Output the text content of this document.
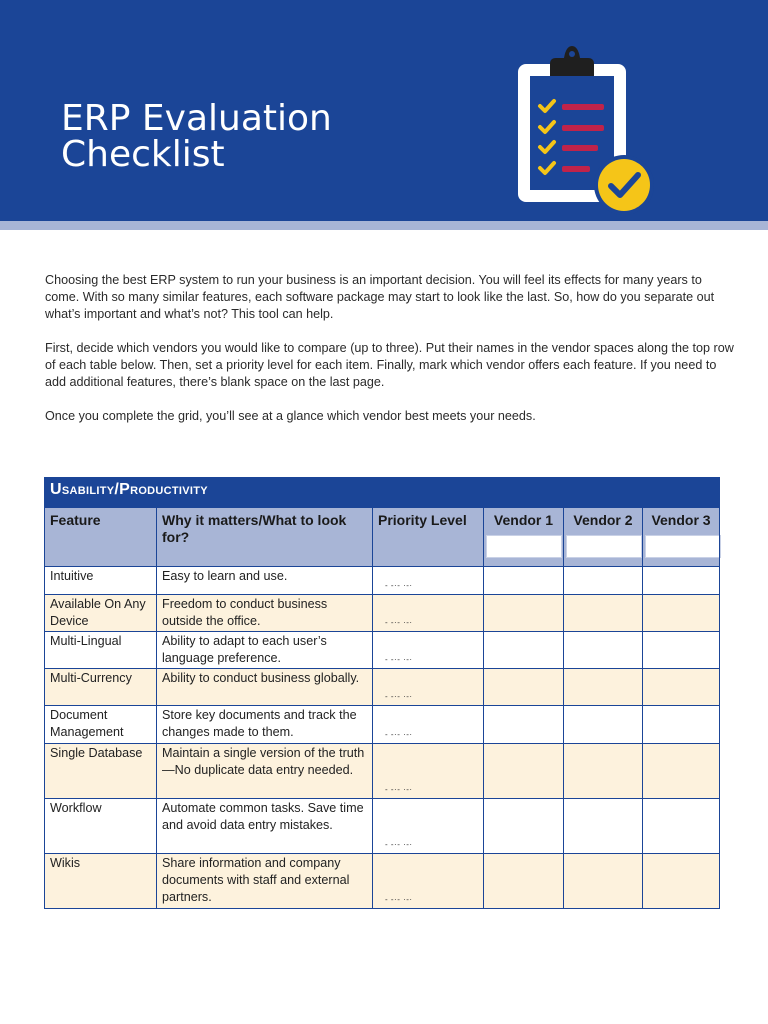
ERP Evaluation
Checklist

Choosing the best ERP system to run your business is an important decision. You will feel its effects for many years to come. With so many similar features, each software package may start to look like the last. So, how do you separate out what’s important and what’s not? This tool can help.

First, decide which vendors you would like to compare (up to three). Put their names in the vendor spaces along the top row of each table below. Then, set a priority level for each item. Finally, mark which vendor offers each feature. If you need to add additional features, there’s blank space on the last page.

Once you complete the grid, you’ll see at a glance which vendor best meets your needs.

Usability/Productivity					
Feature	Why it matters/What to look for?	Priority Level	Vendor 1	Vendor 2	Vendor 3

Intuitive	Easy to learn and use.	- -·- ·-·			

Available On Any Device	Freedom to conduct business outside the office.	- -·- ·-·			

Multi-Lingual	Ability to adapt to each user’s language preference.	- -·- ·-·			

Multi-Currency	Ability to conduct business globally.	- -·- ·-·			

Document Management	Store key documents and track the changes made to them.	- -·- ·-·			

Single Database	Maintain a single version of the truth—No duplicate data entry needed.	- -·- ·-·			

Workflow	Automate common tasks. Save time and avoid data entry mistakes.	- -·- ·-·			

Wikis	Share information and company documents with staff and external partners.	- -·- ·-·			
